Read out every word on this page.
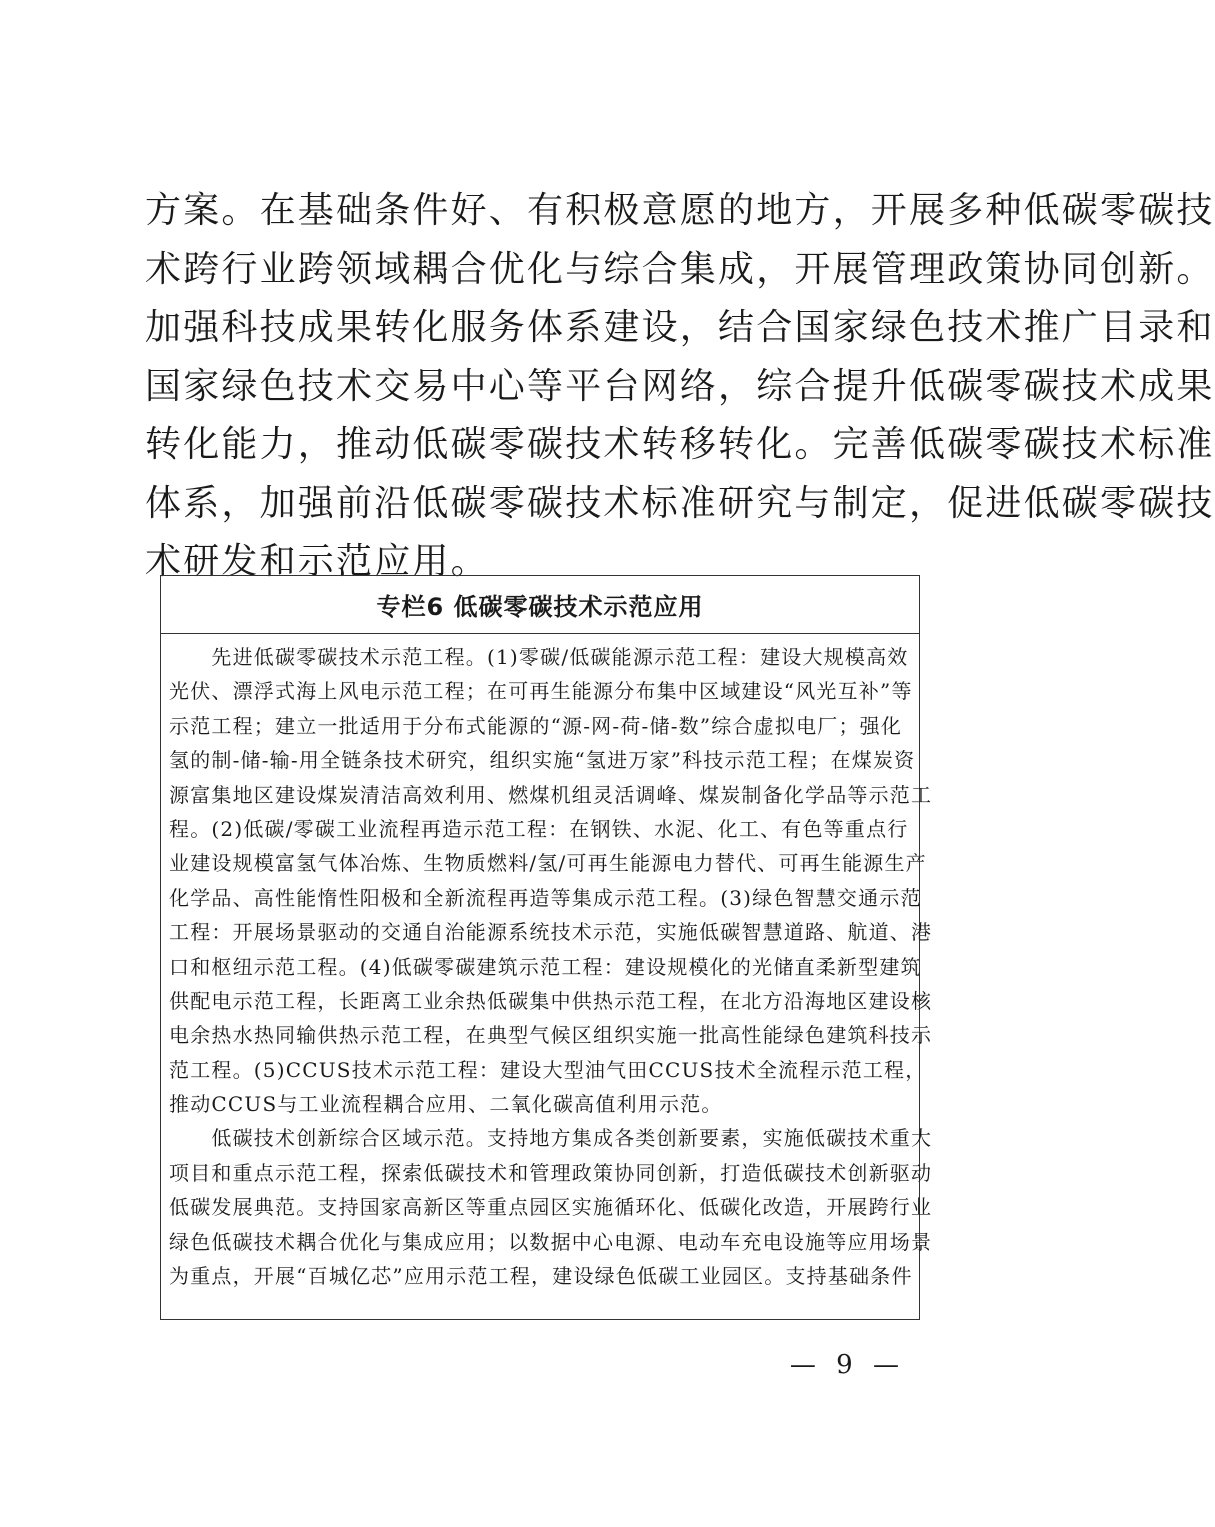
方案。在基础条件好、有积极意愿的地方，开展多种低碳零碳技
术跨行业跨领域耦合优化与综合集成，开展管理政策协同创新。
加强科技成果转化服务体系建设，结合国家绿色技术推广目录和
国家绿色技术交易中心等平台网络，综合提升低碳零碳技术成果
转化能力，推动低碳零碳技术转移转化。完善低碳零碳技术标准
体系，加强前沿低碳零碳技术标准研究与制定，促进低碳零碳技
术研发和示范应用。
专栏6 低碳零碳技术示范应用
　　先进低碳零碳技术示范工程。(1)零碳/低碳能源示范工程：建设大规模高效
光伏、漂浮式海上风电示范工程；在可再生能源分布集中区域建设“风光互补”等
示范工程；建立一批适用于分布式能源的“源-网-荷-储-数”综合虚拟电厂；强化
氢的制-储-输-用全链条技术研究，组织实施“氢进万家”科技示范工程；在煤炭资
源富集地区建设煤炭清洁高效利用、燃煤机组灵活调峰、煤炭制备化学品等示范工
程。(2)低碳/零碳工业流程再造示范工程：在钢铁、水泥、化工、有色等重点行
业建设规模富氢气体冶炼、生物质燃料/氢/可再生能源电力替代、可再生能源生产
化学品、高性能惰性阳极和全新流程再造等集成示范工程。(3)绿色智慧交通示范
工程：开展场景驱动的交通自治能源系统技术示范，实施低碳智慧道路、航道、港
口和枢纽示范工程。(4)低碳零碳建筑示范工程：建设规模化的光储直柔新型建筑
供配电示范工程，长距离工业余热低碳集中供热示范工程，在北方沿海地区建设核
电余热水热同输供热示范工程，在典型气候区组织实施一批高性能绿色建筑科技示
范工程。(5)CCUS技术示范工程：建设大型油气田CCUS技术全流程示范工程，
推动CCUS与工业流程耦合应用、二氧化碳高值利用示范。
　　低碳技术创新综合区域示范。支持地方集成各类创新要素，实施低碳技术重大
项目和重点示范工程，探索低碳技术和管理政策协同创新，打造低碳技术创新驱动
低碳发展典范。支持国家高新区等重点园区实施循环化、低碳化改造，开展跨行业
绿色低碳技术耦合优化与集成应用；以数据中心电源、电动车充电设施等应用场景
为重点，开展“百城亿芯”应用示范工程，建设绿色低碳工业园区。支持基础条件
— 9 —
